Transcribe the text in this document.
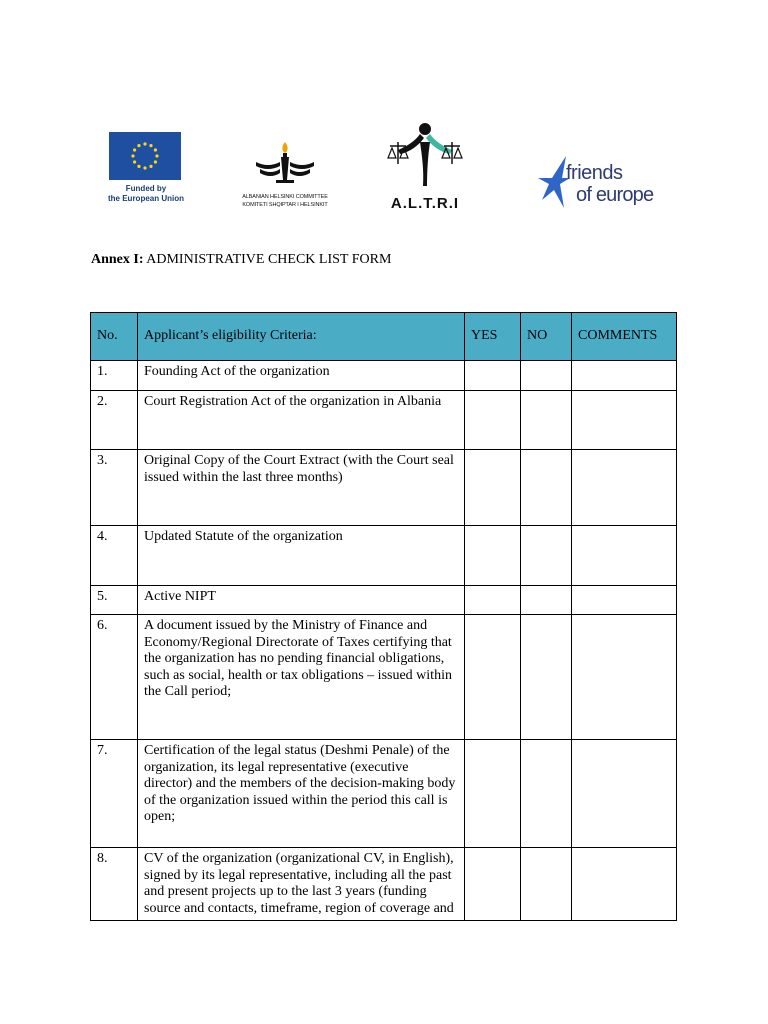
Funded by
the European Union	ALBANIAN HELSINKI COMMITTEE
KOMITETI SHQIPTAR I HELSINKIT	A.L.T.R.I
friends
of europe
Annex I: ADMINISTRATIVE CHECK LIST FORM
No.	Applicant’s eligibility Criteria:	YES	NO	COMMENTS
1.	Founding Act of the organization			
2.	Court Registration Act of the organization in Albania			
3.	Original Copy of the Court Extract (with the Court seal issued within the last three months)			
4.	Updated Statute of the organization			
5.	Active NIPT			
6.	A document issued by the Ministry of Finance and Economy/Regional Directorate of Taxes certifying that the organization has no pending financial obligations, such as social, health or tax obligations – issued within the Call period;			
7.	Certification of the legal status (Deshmi Penale) of the organization, its legal representative (executive director) and the members of the decision-making body of the organization issued within the period this call is open;			
8.	CV of the organization (organizational CV, in English), signed by its legal representative, including all the past and present projects up to the last 3 years (funding source and contacts, timeframe, region of coverage and			
